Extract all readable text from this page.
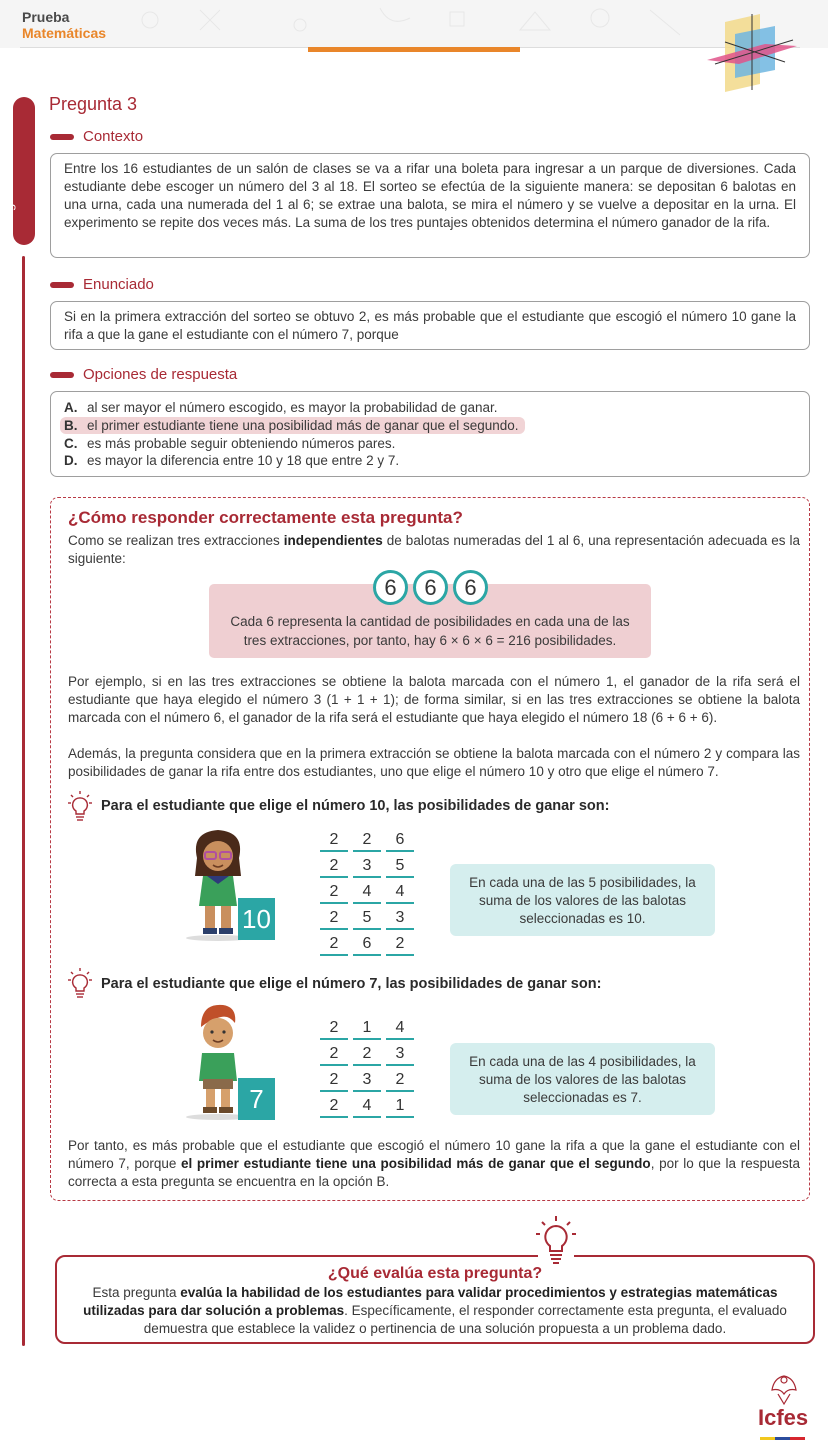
Prueba
Matemáticas
Argumentación
Pregunta 3
Contexto
Entre los 16 estudiantes de un salón de clases se va a rifar una boleta para ingresar a un parque de diversiones. Cada estudiante debe escoger un número del 3 al 18. El sorteo se efectúa de la siguiente manera: se depositan 6 balotas en una urna, cada una numerada del 1 al 6; se extrae una balota, se mira el número y se vuelve a depositar en la urna. El experimento se repite dos veces más. La suma de los tres puntajes obtenidos determina el número ganador de la rifa.
Enunciado
Si en la primera extracción del sorteo se obtuvo 2, es más probable que el estudiante que escogió el número 10 gane la rifa a que la gane el estudiante con el número 7, porque
Opciones de respuesta
A. al ser mayor el número escogido, es mayor la probabilidad de ganar.
B. el primer estudiante tiene una posibilidad más de ganar que el segundo.
C. es más probable seguir obteniendo números pares.
D. es mayor la diferencia entre 10 y 18 que entre 2 y 7.
¿Cómo responder correctamente esta pregunta?
Como se realizan tres extracciones independientes de balotas numeradas del 1 al 6, una representación adecuada es la siguiente:
6	6	6
Cada 6 representa la cantidad de posibilidades en cada una de las
tres extracciones, por tanto, hay 6 × 6 × 6 = 216 posibilidades.
Por ejemplo, si en las tres extracciones se obtiene la balota marcada con el número 1, el ganador de la rifa será el estudiante que haya elegido el número 3 (1 + 1 + 1); de forma similar, si en las tres extracciones se obtiene la balota marcada con el número 6, el ganador de la rifa será el estudiante que haya elegido el número 18 (6 + 6 + 6).
Además, la pregunta considera que en la primera extracción se obtiene la balota marcada con el número 2 y compara las posibilidades de ganar la rifa entre dos estudiantes, uno que elige el número 10 y otro que elige el número 7.
Para el estudiante que elige el número 10, las posibilidades de ganar son:
10
2	2	6
2	3	5
2	4	4
2	5	3
2	6	2
En cada una de las 5 posibilidades, la
suma de los valores de las balotas
seleccionadas es 10.
Para el estudiante que elige el número 7, las posibilidades de ganar son:
7
2	1	4
2	2	3
2	3	2
2	4	1
En cada una de las 4 posibilidades, la
suma de los valores de las balotas
seleccionadas es 7.
Por tanto, es más probable que el estudiante que escogió el número 10 gane la rifa a que la gane el estudiante con el número 7, porque el primer estudiante tiene una posibilidad más de ganar que el segundo, por lo que la respuesta correcta a esta pregunta se encuentra en la opción B.
¿Qué evalúa esta pregunta?
Esta pregunta evalúa la habilidad de los estudiantes para validar procedimientos y estrategias matemáticas utilizadas para dar solución a problemas. Específicamente, el responder correctamente esta pregunta, el evaluado demuestra que establece la validez o pertinencia de una solución propuesta a un problema dado.
Icfes
